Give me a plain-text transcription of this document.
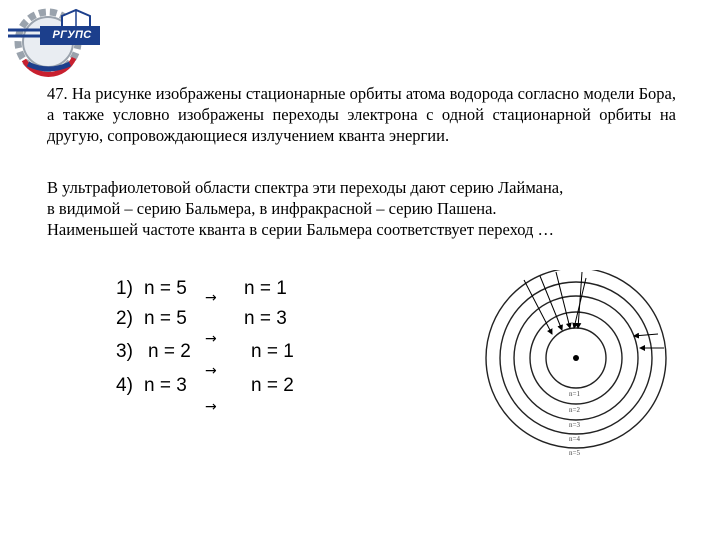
РГУПС

47. На рисунке изображены стационарные орбиты атома водорода согласно модели Бора, а также условно изображены переходы электрона с одной стационарной орбиты на другую, сопровождающиеся излучением кванта энергии.

В ультрафиолетовой области спектра эти переходы дают серию Лаймана,
в видимой – серию Бальмера, в инфракрасной – серию Пашена.
Наименьшей частоте кванта в серии Бальмера соответствует переход …
1) n = 5	n = 1
2) n = 5	n = 3
3) n = 2	n = 1
4) n = 3	n = 2
→
→
→
→
n=1
n=2
n=3
n=4
n=5
